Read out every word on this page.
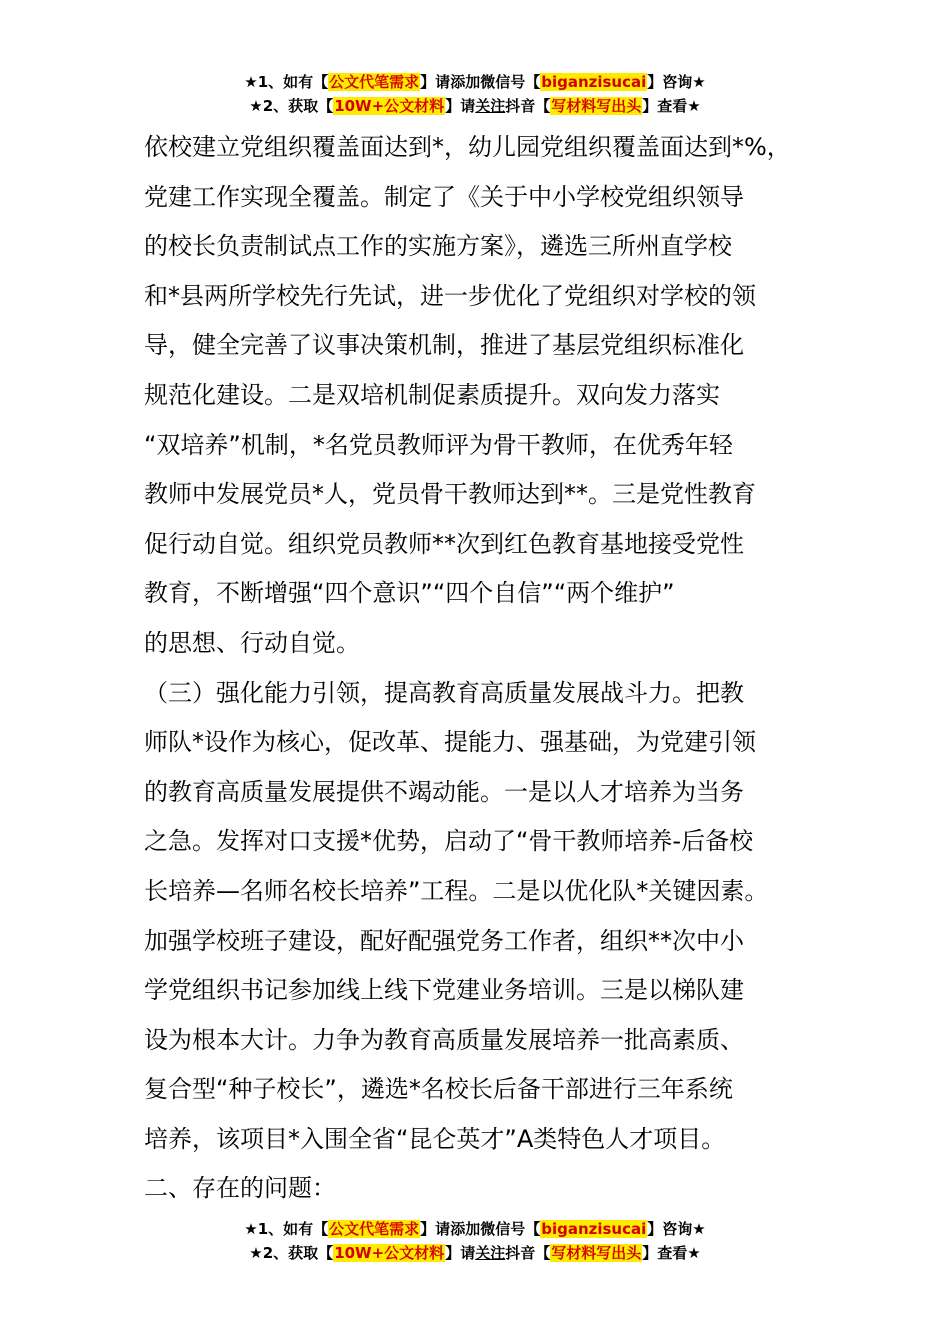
★1、如有【公文代笔需求】请添加微信号【biganzisucai】咨询★
★2、获取【10W+公文材料】请关注抖音【写材料写出头】查看★
依校建立党组织覆盖面达到*，幼儿园党组织覆盖面达到*%，
党建工作实现全覆盖。制定了《关于中小学校党组织领导
的校长负责制试点工作的实施方案》，遴选三所州直学校
和*县两所学校先行先试，进一步优化了党组织对学校的领
导，健全完善了议事决策机制，推进了基层党组织标准化
规范化建设。二是双培机制促素质提升。双向发力落实
“双培养”机制，*名党员教师评为骨干教师，在优秀年轻
教师中发展党员*人，党员骨干教师达到**。三是党性教育
促行动自觉。组织党员教师**次到红色教育基地接受党性
教育，不断增强“四个意识”“四个自信”“两个维护”
的思想、行动自觉。
（三）强化能力引领，提高教育高质量发展战斗力。把教
师队*设作为核心，促改革、提能力、强基础，为党建引领
的教育高质量发展提供不竭动能。一是以人才培养为当务
之急。发挥对口支援*优势，启动了“骨干教师培养-后备校
长培养—名师名校长培养”工程。二是以优化队*关键因素。
加强学校班子建设，配好配强党务工作者，组织**次中小
学党组织书记参加线上线下党建业务培训。三是以梯队建
设为根本大计。力争为教育高质量发展培养一批高素质、
复合型“种子校长”，遴选*名校长后备干部进行三年系统
培养，该项目*入围全省“昆仑英才”A类特色人才项目。
二、存在的问题：
★1、如有【公文代笔需求】请添加微信号【biganzisucai】咨询★
★2、获取【10W+公文材料】请关注抖音【写材料写出头】查看★
